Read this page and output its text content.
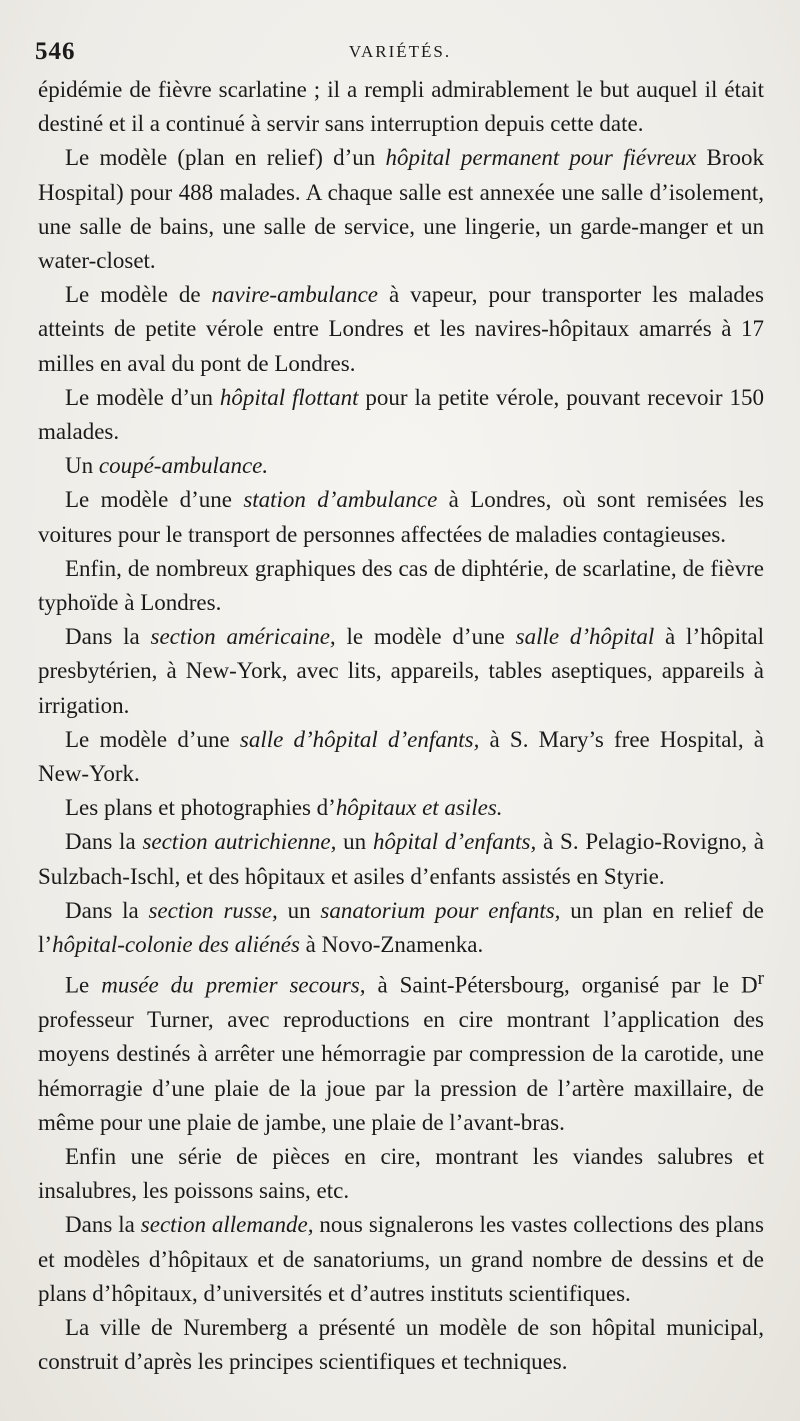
546	VARIÉTÉS.

épidémie de fièvre scarlatine ; il a rempli admirablement le but auquel il était destiné et il a continué à servir sans interruption depuis cette date.

Le modèle (plan en relief) d’un hôpital permanent pour fiévreux Brook Hospital) pour 488 malades. A chaque salle est annexée une salle d’isolement, une salle de bains, une salle de service, une lingerie, un garde-manger et un water-closet.

Le modèle de navire-ambulance à vapeur, pour transporter les malades atteints de petite vérole entre Londres et les navires-hôpitaux amarrés à 17 milles en aval du pont de Londres.

Le modèle d’un hôpital flottant pour la petite vérole, pouvant recevoir 150 malades.

Un coupé-ambulance.

Le modèle d’une station d’ambulance à Londres, où sont remisées les voitures pour le transport de personnes affectées de maladies contagieuses.

Enfin, de nombreux graphiques des cas de diphtérie, de scarlatine, de fièvre typhoïde à Londres.

Dans la section américaine, le modèle d’une salle d’hôpital à l’hôpital presbytérien, à New-York, avec lits, appareils, tables aseptiques, appareils à irrigation.

Le modèle d’une salle d’hôpital d’enfants, à S. Mary’s free Hospital, à New-York.

Les plans et photographies d’hôpitaux et asiles.

Dans la section autrichienne, un hôpital d’enfants, à S. Pelagio-Rovigno, à Sulzbach-Ischl, et des hôpitaux et asiles d’enfants assistés en Styrie.

Dans la section russe, un sanatorium pour enfants, un plan en relief de l’hôpital-colonie des aliénés à Novo-Znamenka.

Le musée du premier secours, à Saint-Pétersbourg, organisé par le $D^r$ professeur Turner, avec reproductions en cire montrant l’application des moyens destinés à arrêter une hémorragie par compression de la carotide, une hémorragie d’une plaie de la joue par la pression de l’artère maxillaire, de même pour une plaie de jambe, une plaie de l’avant-bras.

Enfin une série de pièces en cire, montrant les viandes salubres et insalubres, les poissons sains, etc.

Dans la section allemande, nous signalerons les vastes collections des plans et modèles d’hôpitaux et de sanatoriums, un grand nombre de dessins et de plans d’hôpitaux, d’universités et d’autres instituts scientifiques.

La ville de Nuremberg a présenté un modèle de son hôpital municipal, construit d’après les principes scientifiques et techniques.
